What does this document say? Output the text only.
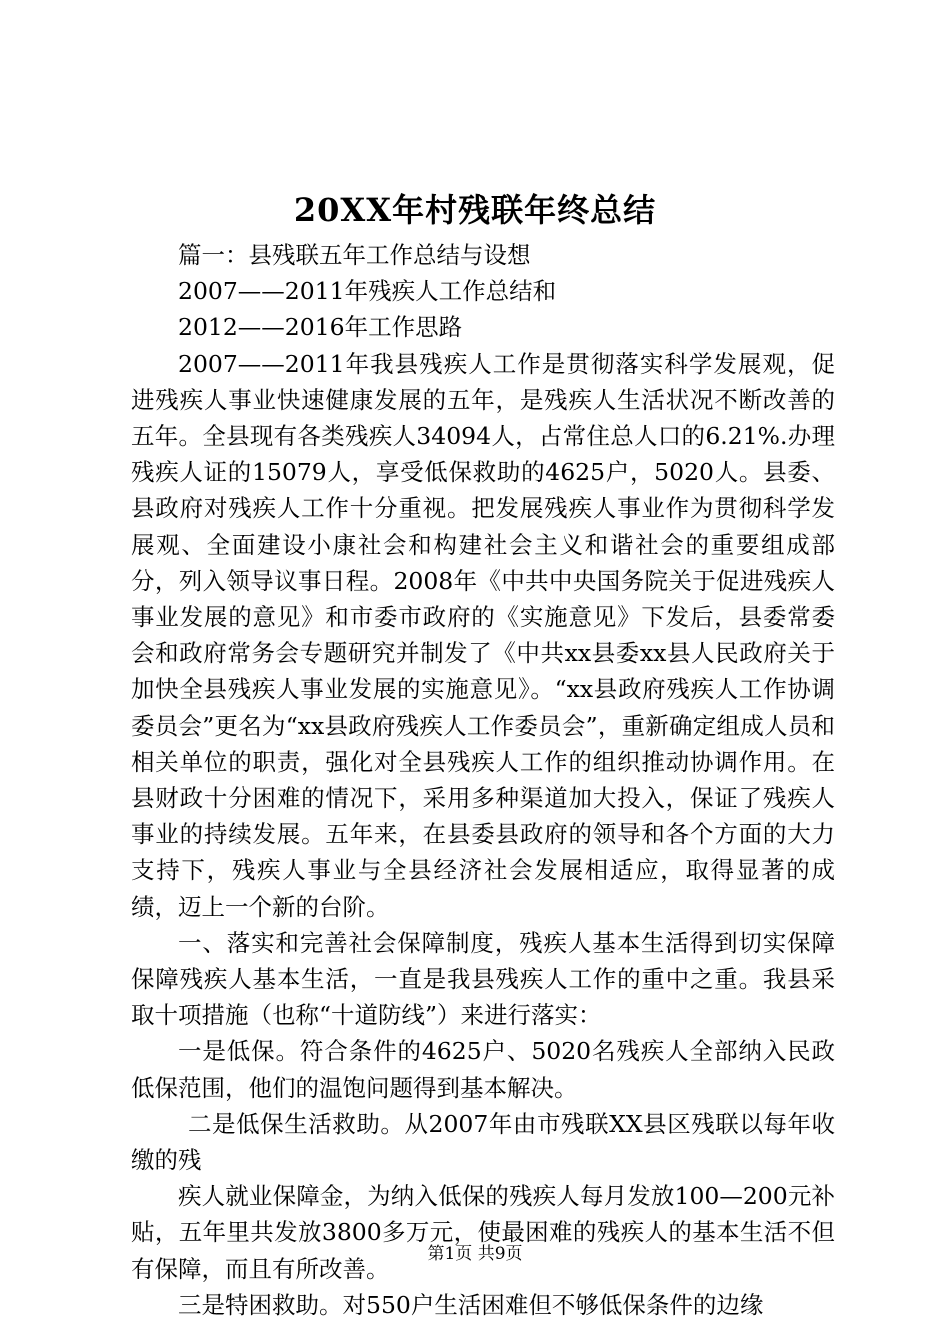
20XX年村残联年终总结

篇一：县残联五年工作总结与设想

2007——2011年残疾人工作总结和

2012——2016年工作思路

2007——2011年我县残疾人工作是贯彻落实科学发展观，促进残疾人事业快速健康发展的五年，是残疾人生活状况不断改善的五年。全县现有各类残疾人34094人，占常住总人口的6.21%.办理残疾人证的15079人，享受低保救助的4625户，5020人。县委、县政府对残疾人工作十分重视。把发展残疾人事业作为贯彻科学发展观、全面建设小康社会和构建社会主义和谐社会的重要组成部分，列入领导议事日程。2008年《中共中央国务院关于促进残疾人事业发展的意见》和市委市政府的《实施意见》下发后，县委常委会和政府常务会专题研究并制发了《中共xx县委xx县人民政府关于加快全县残疾人事业发展的实施意见》。“xx县政府残疾人工作协调委员会”更名为“xx县政府残疾人工作委员会”，重新确定组成人员和相关单位的职责，强化对全县残疾人工作的组织推动协调作用。在县财政十分困难的情况下，采用多种渠道加大投入，保证了残疾人事业的持续发展。五年来，在县委县政府的领导和各个方面的大力支持下，残疾人事业与全县经济社会发展相适应，取得显著的成绩，迈上一个新的台阶。

一、落实和完善社会保障制度，残疾人基本生活得到切实保障保障残疾人基本生活，一直是我县残疾人工作的重中之重。我县采取十项措施（也称“十道防线”）来进行落实：

一是低保。符合条件的4625户、5020名残疾人全部纳入民政低保范围，他们的温饱问题得到基本解决。

二是低保生活救助。从2007年由市残联XX县区残联以每年收缴的残

疾人就业保障金，为纳入低保的残疾人每月发放100—200元补贴，五年里共发放3800多万元，使最困难的残疾人的基本生活不但有保障，而且有所改善。

三是特困救助。对550户生活困难但不够低保条件的边缘

第1页 共9页
